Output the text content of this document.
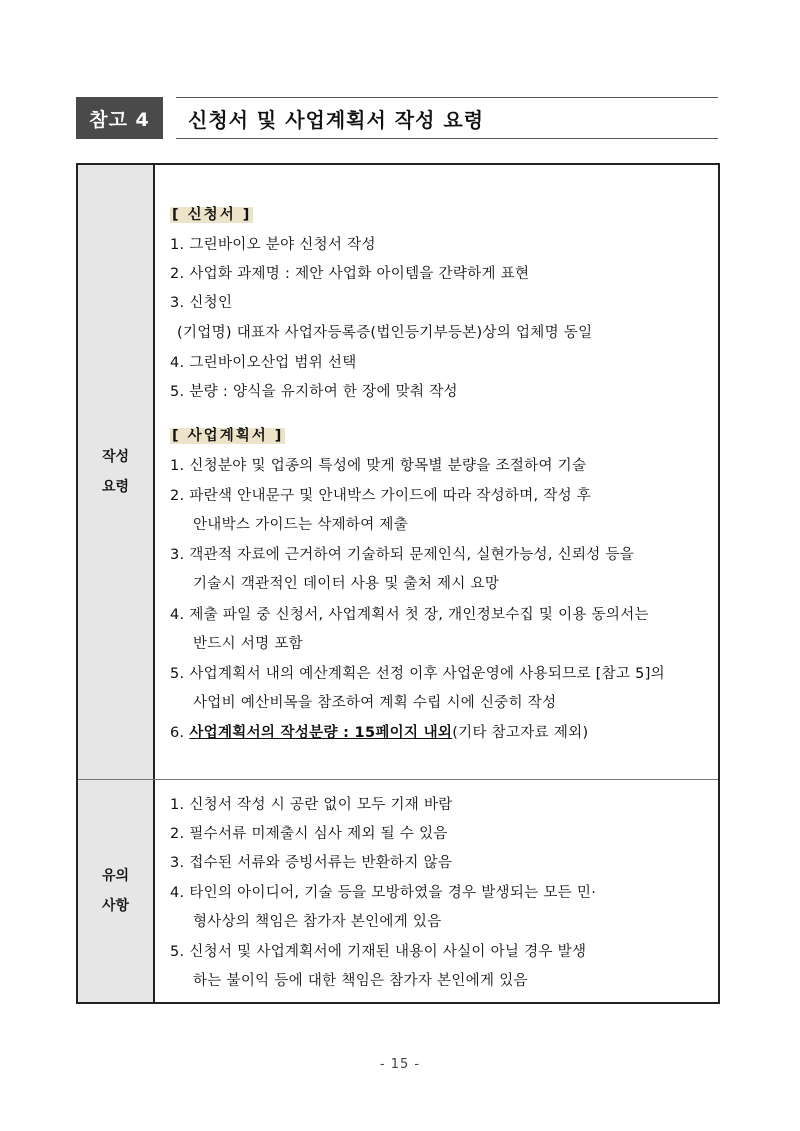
참고 4	신청서 및 사업계획서 작성 요령
작성
요령
[ 신청서 ]
1. 그린바이오 분야 신청서 작성
2. 사업화 과제명 : 제안 사업화 아이템을 간략하게 표현
3. 신청인
(기업명) 대표자 사업자등록증(법인등기부등본)상의 업체명 동일
4. 그린바이오산업 범위 선택
5. 분량 : 양식을 유지하여 한 장에 맞춰 작성
[ 사업계획서 ]
1. 신청분야 및 업종의 특성에 맞게 항목별 분량을 조절하여 기술
2. 파란색 안내문구 및 안내박스 가이드에 따라 작성하며, 작성 후
안내박스 가이드는 삭제하여 제출
3. 객관적 자료에 근거하여 기술하되 문제인식, 실현가능성, 신뢰성 등을
기술시 객관적인 데이터 사용 및 출처 제시 요망
4. 제출 파일 중 신청서, 사업계획서 첫 장, 개인정보수집 및 이용 동의서는
반드시 서명 포함
5. 사업계획서 내의 예산계획은 선정 이후 사업운영에 사용되므로 [참고 5]의
사업비 예산비목을 참조하여 계획 수립 시에 신중히 작성
6. 사업계획서의 작성분량 : 15페이지 내외(기타 참고자료 제외)
유의
사항
1. 신청서 작성 시 공란 없이 모두 기재 바람
2. 필수서류 미제출시 심사 제외 될 수 있음
3. 접수된 서류와 증빙서류는 반환하지 않음
4. 타인의 아이디어, 기술 등을 모방하였을 경우 발생되는 모든 민·
형사상의 책임은 참가자 본인에게 있음
5. 신청서 및 사업계획서에 기재된 내용이 사실이 아닐 경우 발생
하는 불이익 등에 대한 책임은 참가자 본인에게 있음
- 15 -
